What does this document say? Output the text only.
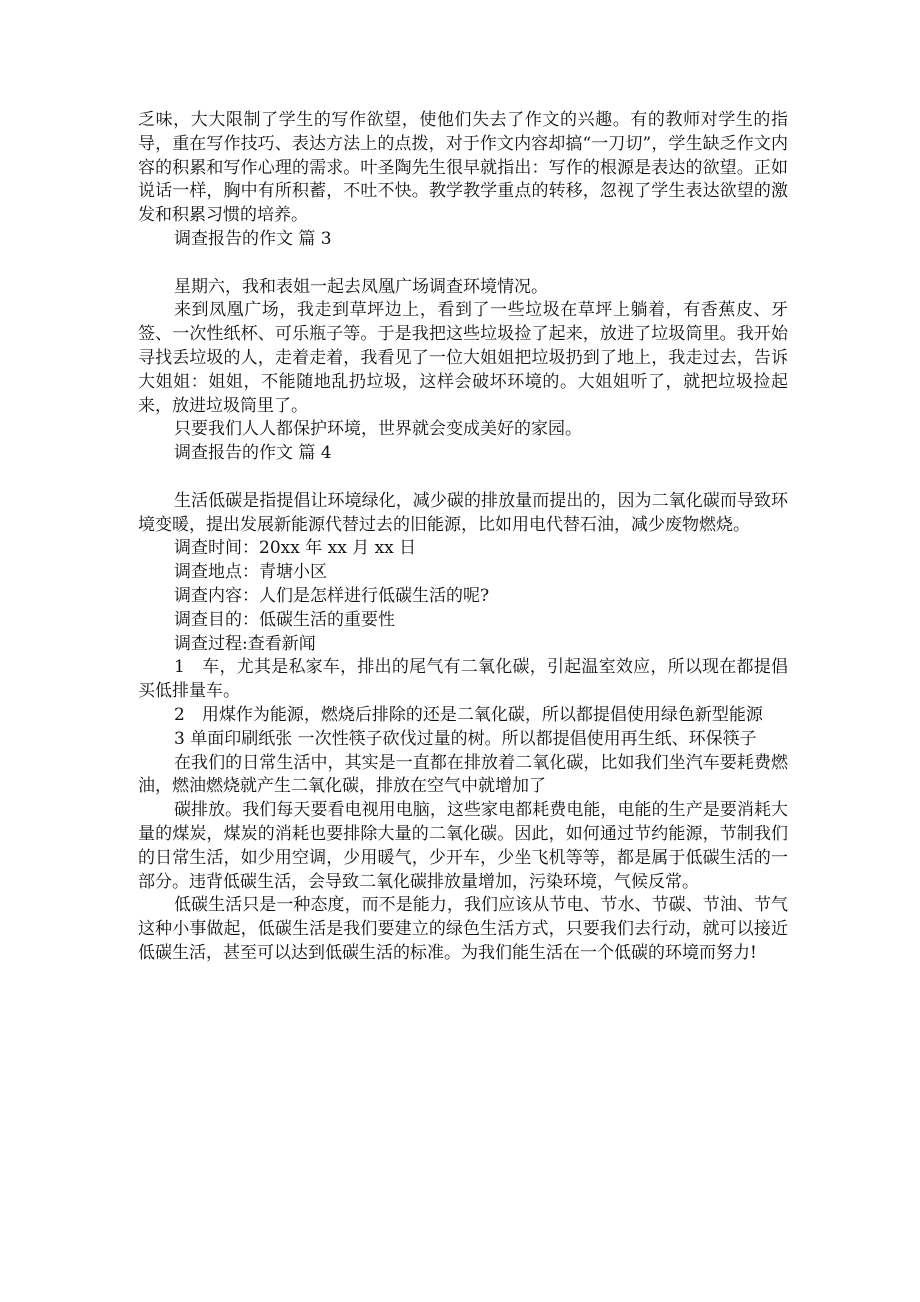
乏味，大大限制了学生的写作欲望，使他们失去了作文的兴趣。有的教师对学生的指导，重在写作技巧、表达方法上的点拨，对于作文内容却搞“一刀切”，学生缺乏作文内容的积累和写作心理的需求。叶圣陶先生很早就指出：写作的根源是表达的欲望。正如说话一样，胸中有所积蓄，不吐不快。教学教学重点的转移，忽视了学生表达欲望的激发和积累习惯的培养。

调查报告的作文 篇 3

星期六，我和表姐一起去凤凰广场调查环境情况。

来到凤凰广场，我走到草坪边上，看到了一些垃圾在草坪上躺着，有香蕉皮、牙签、一次性纸杯、可乐瓶子等。于是我把这些垃圾捡了起来，放进了垃圾筒里。我开始寻找丢垃圾的人，走着走着，我看见了一位大姐姐把垃圾扔到了地上，我走过去，告诉大姐姐：姐姐，不能随地乱扔垃圾，这样会破坏环境的。大姐姐听了，就把垃圾捡起来，放进垃圾筒里了。

只要我们人人都保护环境，世界就会变成美好的家园。

调查报告的作文 篇 4

生活低碳是指提倡让环境绿化，减少碳的排放量而提出的，因为二氧化碳而导致环境变暖，提出发展新能源代替过去的旧能源，比如用电代替石油，减少废物燃烧。

调查时间：20xx 年 xx 月 xx 日

调查地点：青塘小区

调查内容：人们是怎样进行低碳生活的呢?

调查目的：低碳生活的重要性

调查过程:查看新闻

1　车，尤其是私家车，排出的尾气有二氧化碳，引起温室效应，所以现在都提倡买低排量车。

2　用煤作为能源，燃烧后排除的还是二氧化碳，所以都提倡使用绿色新型能源

3 单面印刷纸张 一次性筷子砍伐过量的树。所以都提倡使用再生纸、环保筷子

在我们的日常生活中，其实是一直都在排放着二氧化碳，比如我们坐汽车要耗费燃油，燃油燃烧就产生二氧化碳，排放在空气中就增加了

碳排放。我们每天要看电视用电脑，这些家电都耗费电能，电能的生产是要消耗大量的煤炭，煤炭的消耗也要排除大量的二氧化碳。因此，如何通过节约能源，节制我们的日常生活，如少用空调，少用暖气，少开车，少坐飞机等等，都是属于低碳生活的一部分。违背低碳生活，会导致二氧化碳排放量增加，污染环境，气候反常。

低碳生活只是一种态度，而不是能力，我们应该从节电、节水、节碳、节油、节气这种小事做起，低碳生活是我们要建立的绿色生活方式，只要我们去行动，就可以接近低碳生活，甚至可以达到低碳生活的标准。为我们能生活在一个低碳的环境而努力!
